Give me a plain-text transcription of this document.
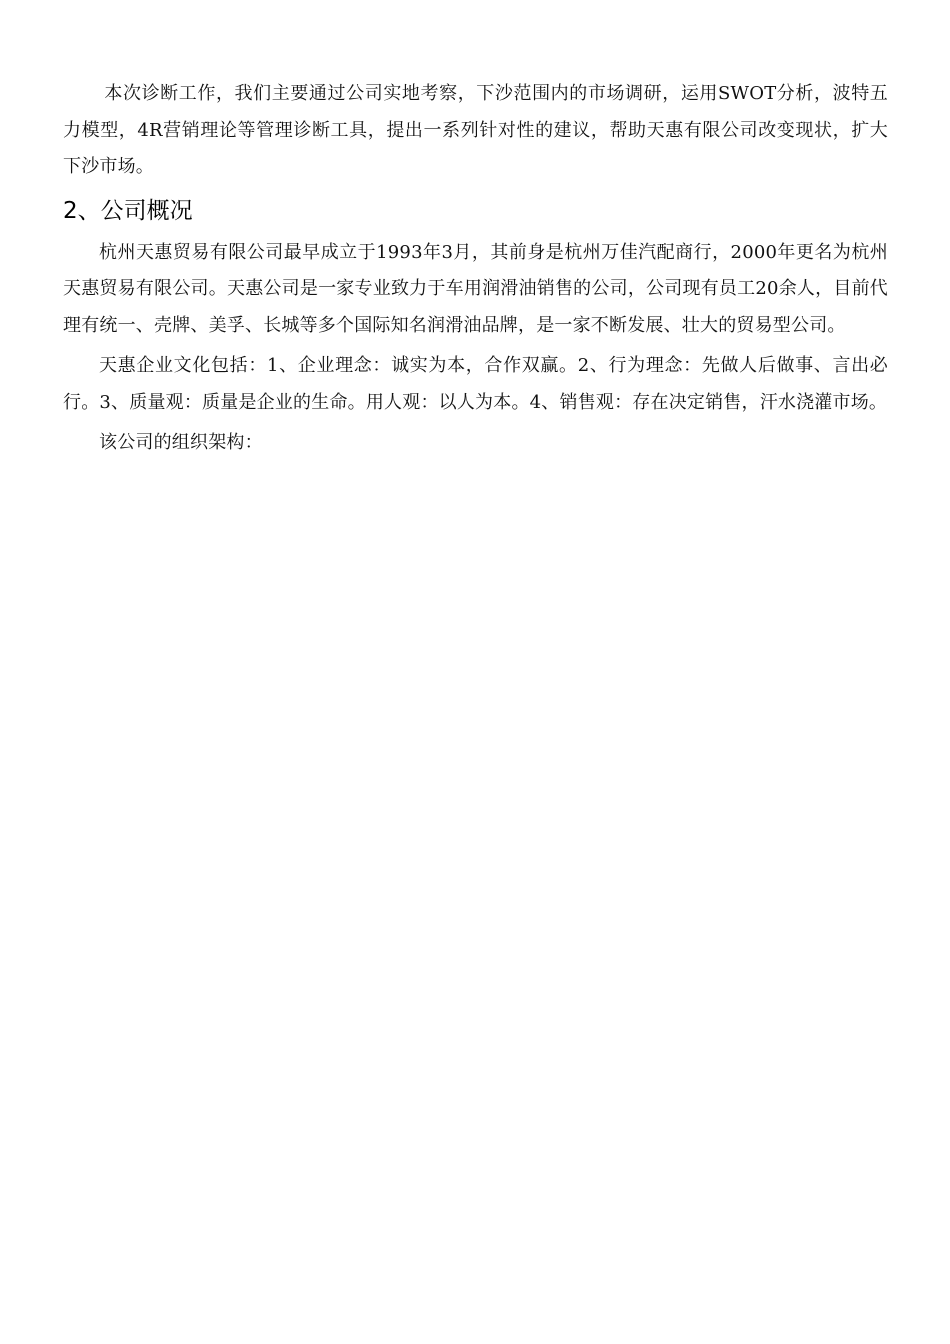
本次诊断工作，我们主要通过公司实地考察，下沙范围内的市场调研，运用SWOT分析，波特五力模型，4R营销理论等管理诊断工具，提出一系列针对性的建议，帮助天惠有限公司改变现状，扩大下沙市场。

2、公司概况

杭州天惠贸易有限公司最早成立于1993年3月，其前身是杭州万佳汽配商行，2000年更名为杭州天惠贸易有限公司。天惠公司是一家专业致力于车用润滑油销售的公司，公司现有员工20余人，目前代理有统一、壳牌、美孚、长城等多个国际知名润滑油品牌，是一家不断发展、壮大的贸易型公司。

天惠企业文化包括：1、企业理念：诚实为本，合作双赢。2、行为理念：先做人后做事、言出必行。3、质量观：质量是企业的生命。用人观：以人为本。4、销售观：存在决定销售，汗水浇灌市场。

该公司的组织架构：
